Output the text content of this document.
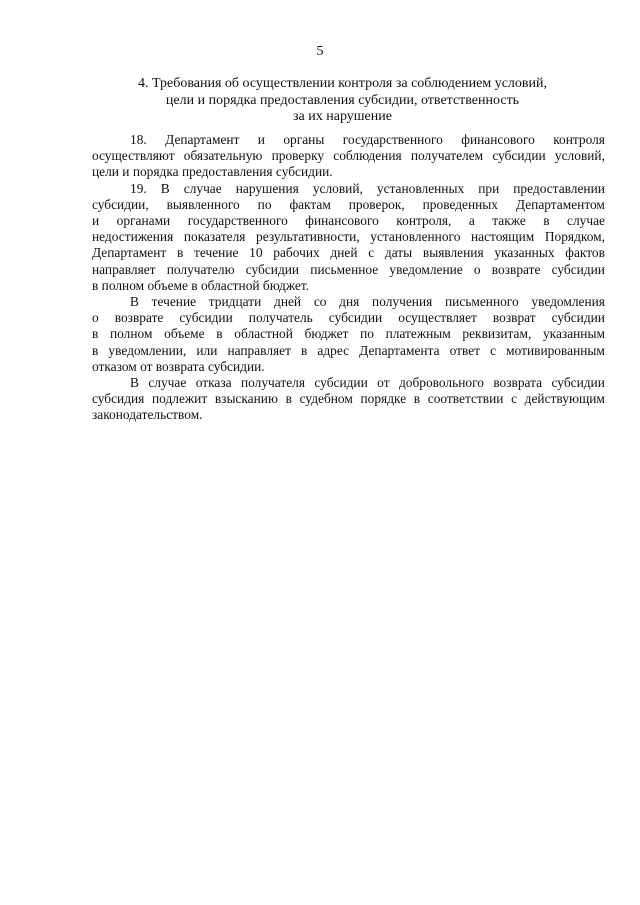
5
4. Требования об осуществлении контроля за соблюдением условий,
цели и порядка предоставления субсидии, ответственность
за их нарушение
18. Департамент и органы государственного финансового контроля
осуществляют обязательную проверку соблюдения получателем субсидии условий,
цели и порядка предоставления субсидии.
19. В случае нарушения условий, установленных при предоставлении
субсидии, выявленного по фактам проверок, проведенных Департаментом
и органами государственного финансового контроля, а также в случае
недостижения показателя результативности, установленного настоящим Порядком,
Департамент в течение 10 рабочих дней с даты выявления указанных фактов
направляет получателю субсидии письменное уведомление о возврате субсидии
в полном объеме в областной бюджет.
В течение тридцати дней со дня получения письменного уведомления
о возврате субсидии получатель субсидии осуществляет возврат субсидии
в полном объеме в областной бюджет по платежным реквизитам, указанным
в уведомлении, или направляет в адрес Департамента ответ с мотивированным
отказом от возврата субсидии.
В случае отказа получателя субсидии от добровольного возврата субсидии
субсидия подлежит взысканию в судебном порядке в соответствии с действующим
законодательством.
